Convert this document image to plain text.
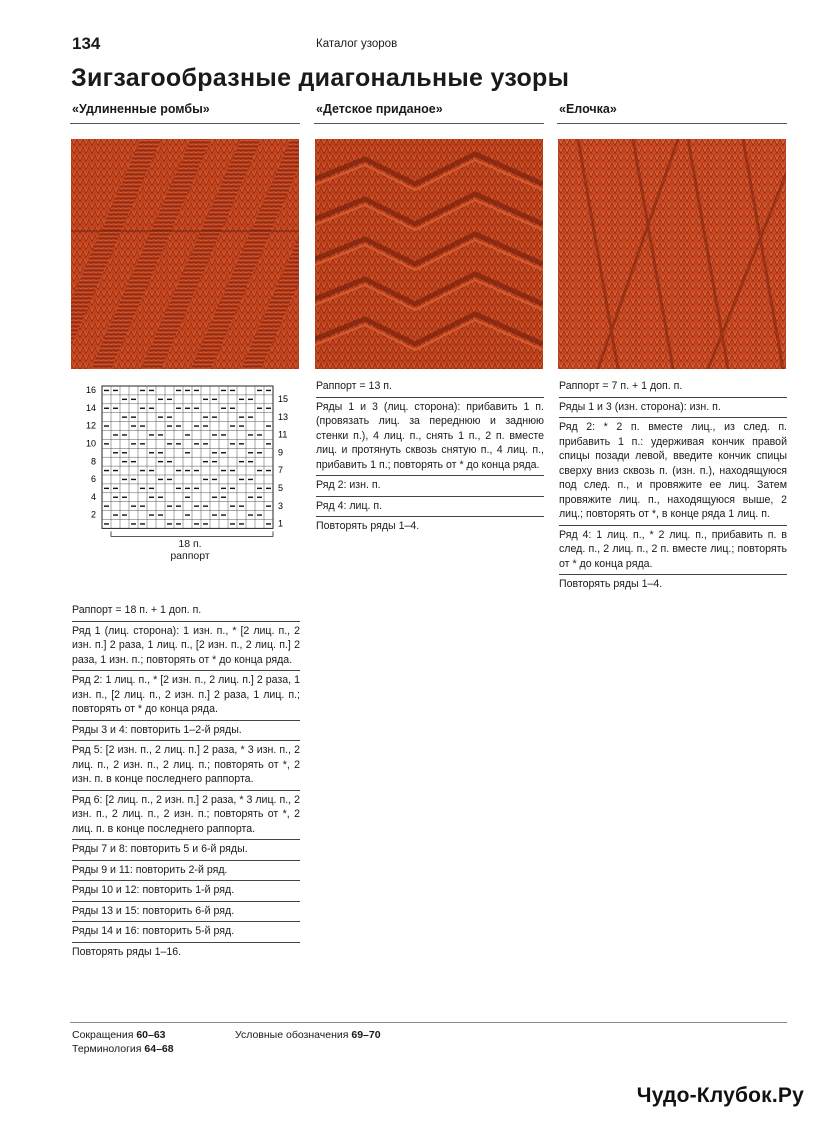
134	Каталог узоров
Зигзагообразные диагональные узоры
«Удлиненные ромбы»	«Детское приданое»	«Елочка»
16
14
12
10
8
6
4
2
15
13
11
9
7
5
3
1
18 п.
раппорт
Раппорт = 18 п. + 1 доп. п.
Ряд 1 (лиц. сторона): 1 изн. п., * [2 лиц. п., 2 изн. п.] 2 раза, 1 лиц. п., [2 изн. п., 2 лиц. п.] 2 раза, 1 изн. п.; повторять от * до конца ряда.
Ряд 2: 1 лиц. п., * [2 изн. п., 2 лиц. п.] 2 раза, 1 изн. п., [2 лиц. п., 2 изн. п.] 2 раза, 1 лиц. п.; повторять от * до конца ряда.
Ряды 3 и 4: повторить 1–2-й ряды.
Ряд 5: [2 изн. п., 2 лиц. п.] 2 раза, * 3 изн. п., 2 лиц. п., 2 изн. п., 2 лиц. п.; повторять от *, 2 изн. п. в конце последнего раппорта.
Ряд 6: [2 лиц. п., 2 изн. п.] 2 раза, * 3 лиц. п., 2 изн. п., 2 лиц. п., 2 изн. п.; повторять от *, 2 лиц. п. в конце последнего раппорта.
Ряды 7 и 8: повторить 5 и 6-й ряды.
Ряды 9 и 11: повторить 2-й ряд.
Ряды 10 и 12: повторить 1-й ряд.
Ряды 13 и 15: повторить 6-й ряд.
Ряды 14 и 16: повторить 5-й ряд.
Повторять ряды 1–16.
Раппорт = 13 п.
Ряды 1 и 3 (лиц. сторона): прибавить 1 п. (провязать лиц. за переднюю и заднюю стенки п.), 4 лиц. п., снять 1 п., 2 п. вместе лиц. и протянуть сквозь снятую п., 4 лиц. п., прибавить 1 п.; повторять от * до конца ряда.
Ряд 2: изн. п.
Ряд 4: лиц. п.
Повторять ряды 1–4.
Раппорт = 7 п. + 1 доп. п.
Ряды 1 и 3 (изн. сторона): изн. п.
Ряд 2: * 2 п. вместе лиц., из след. п. прибавить 1 п.: удерживая кончик правой спицы позади левой, введите кончик спицы сверху вниз сквозь п. (изн. п.), находящуюся под след. п., и провяжите ее лиц. Затем провяжите лиц. п., находящуюся выше, 2 лиц.; повторять от *, в конце ряда 1 лиц. п.
Ряд 4: 1 лиц. п., * 2 лиц. п., прибавить п. в след. п., 2 лиц. п., 2 п. вместе лиц.; повторять от * до конца ряда.
Повторять ряды 1–4.
Сокращения 60–63
Терминология 64–68
Условные обозначения 69–70
Чудо-Клубок.Ру
